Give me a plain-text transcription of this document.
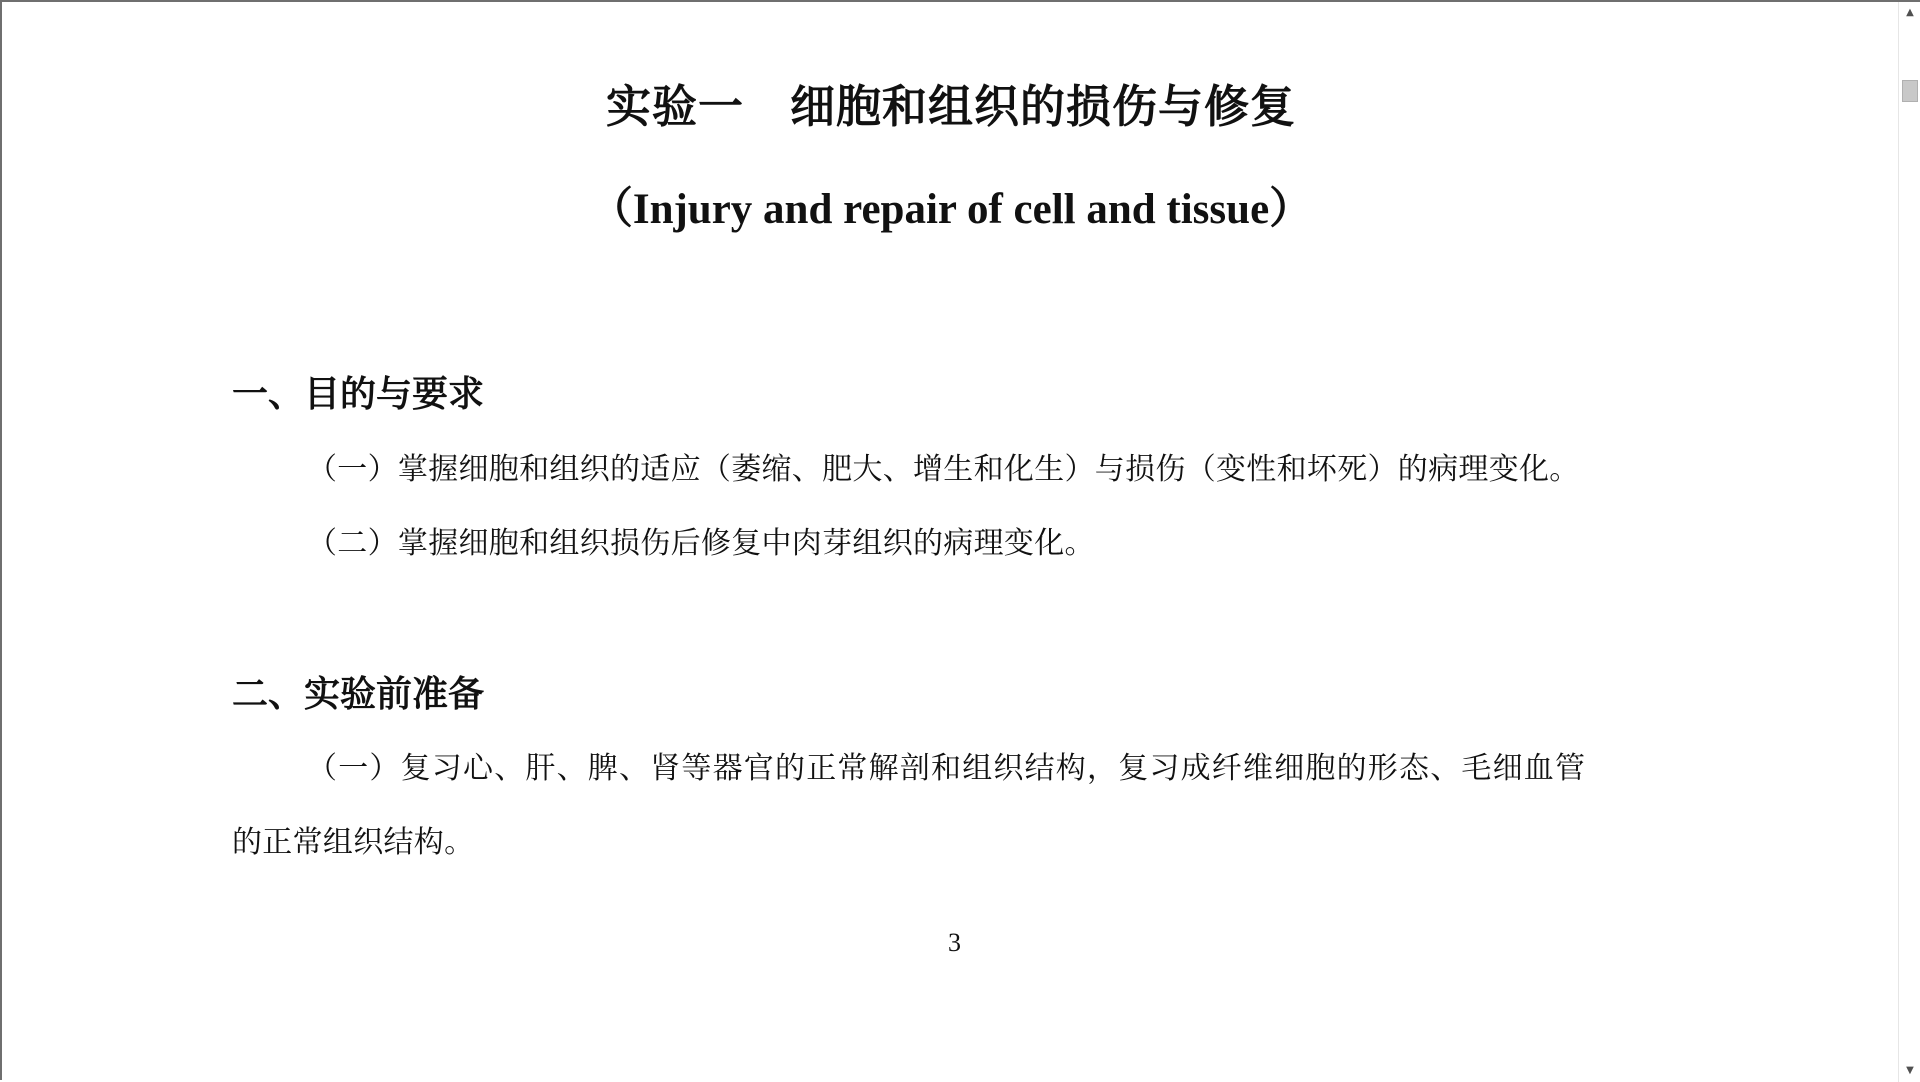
实验一　细胞和组织的损伤与修复
（Injury and repair of cell and tissue）
一、目的与要求
（一）掌握细胞和组织的适应（萎缩、肥大、增生和化生）与损伤（变性和坏死）的病理变化。
（二）掌握细胞和组织损伤后修复中肉芽组织的病理变化。
二、实验前准备
（一）复习心、肝、脾、肾等器官的正常解剖和组织结构，复习成纤维细胞的形态、毛细血管
的正常组织结构。
3
▲
▼
